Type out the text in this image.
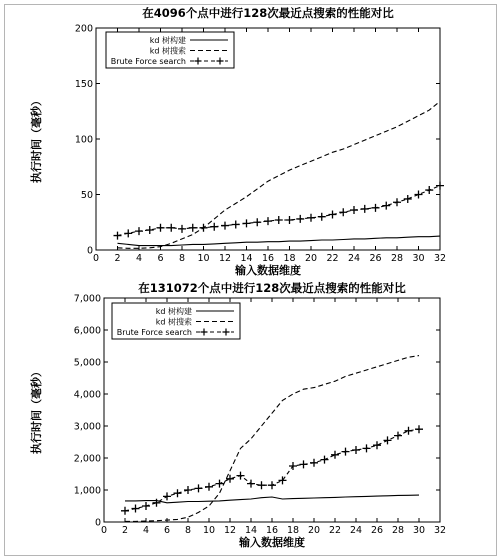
在4096个点中进行128次最近点搜索的性能对比
0 2 4 6 8 10 12 14 16 18 20 22 24 26 28 30 32
0
50
100
150
200
输入数据维度
执行时间（毫秒）
kd 树构建
kd 树搜索
Brute Force search
在131072个点中进行128次最近点搜索的性能对比
0 2 4 6 8 10 12 14 16 18 20 22 24 26 28 30 32
0
1,000
2,000
3,000
4,000
5,000
6,000
7,000
输入数据维度
执行时间（毫秒）
kd 树构建
kd 树搜索
Brute Force search
